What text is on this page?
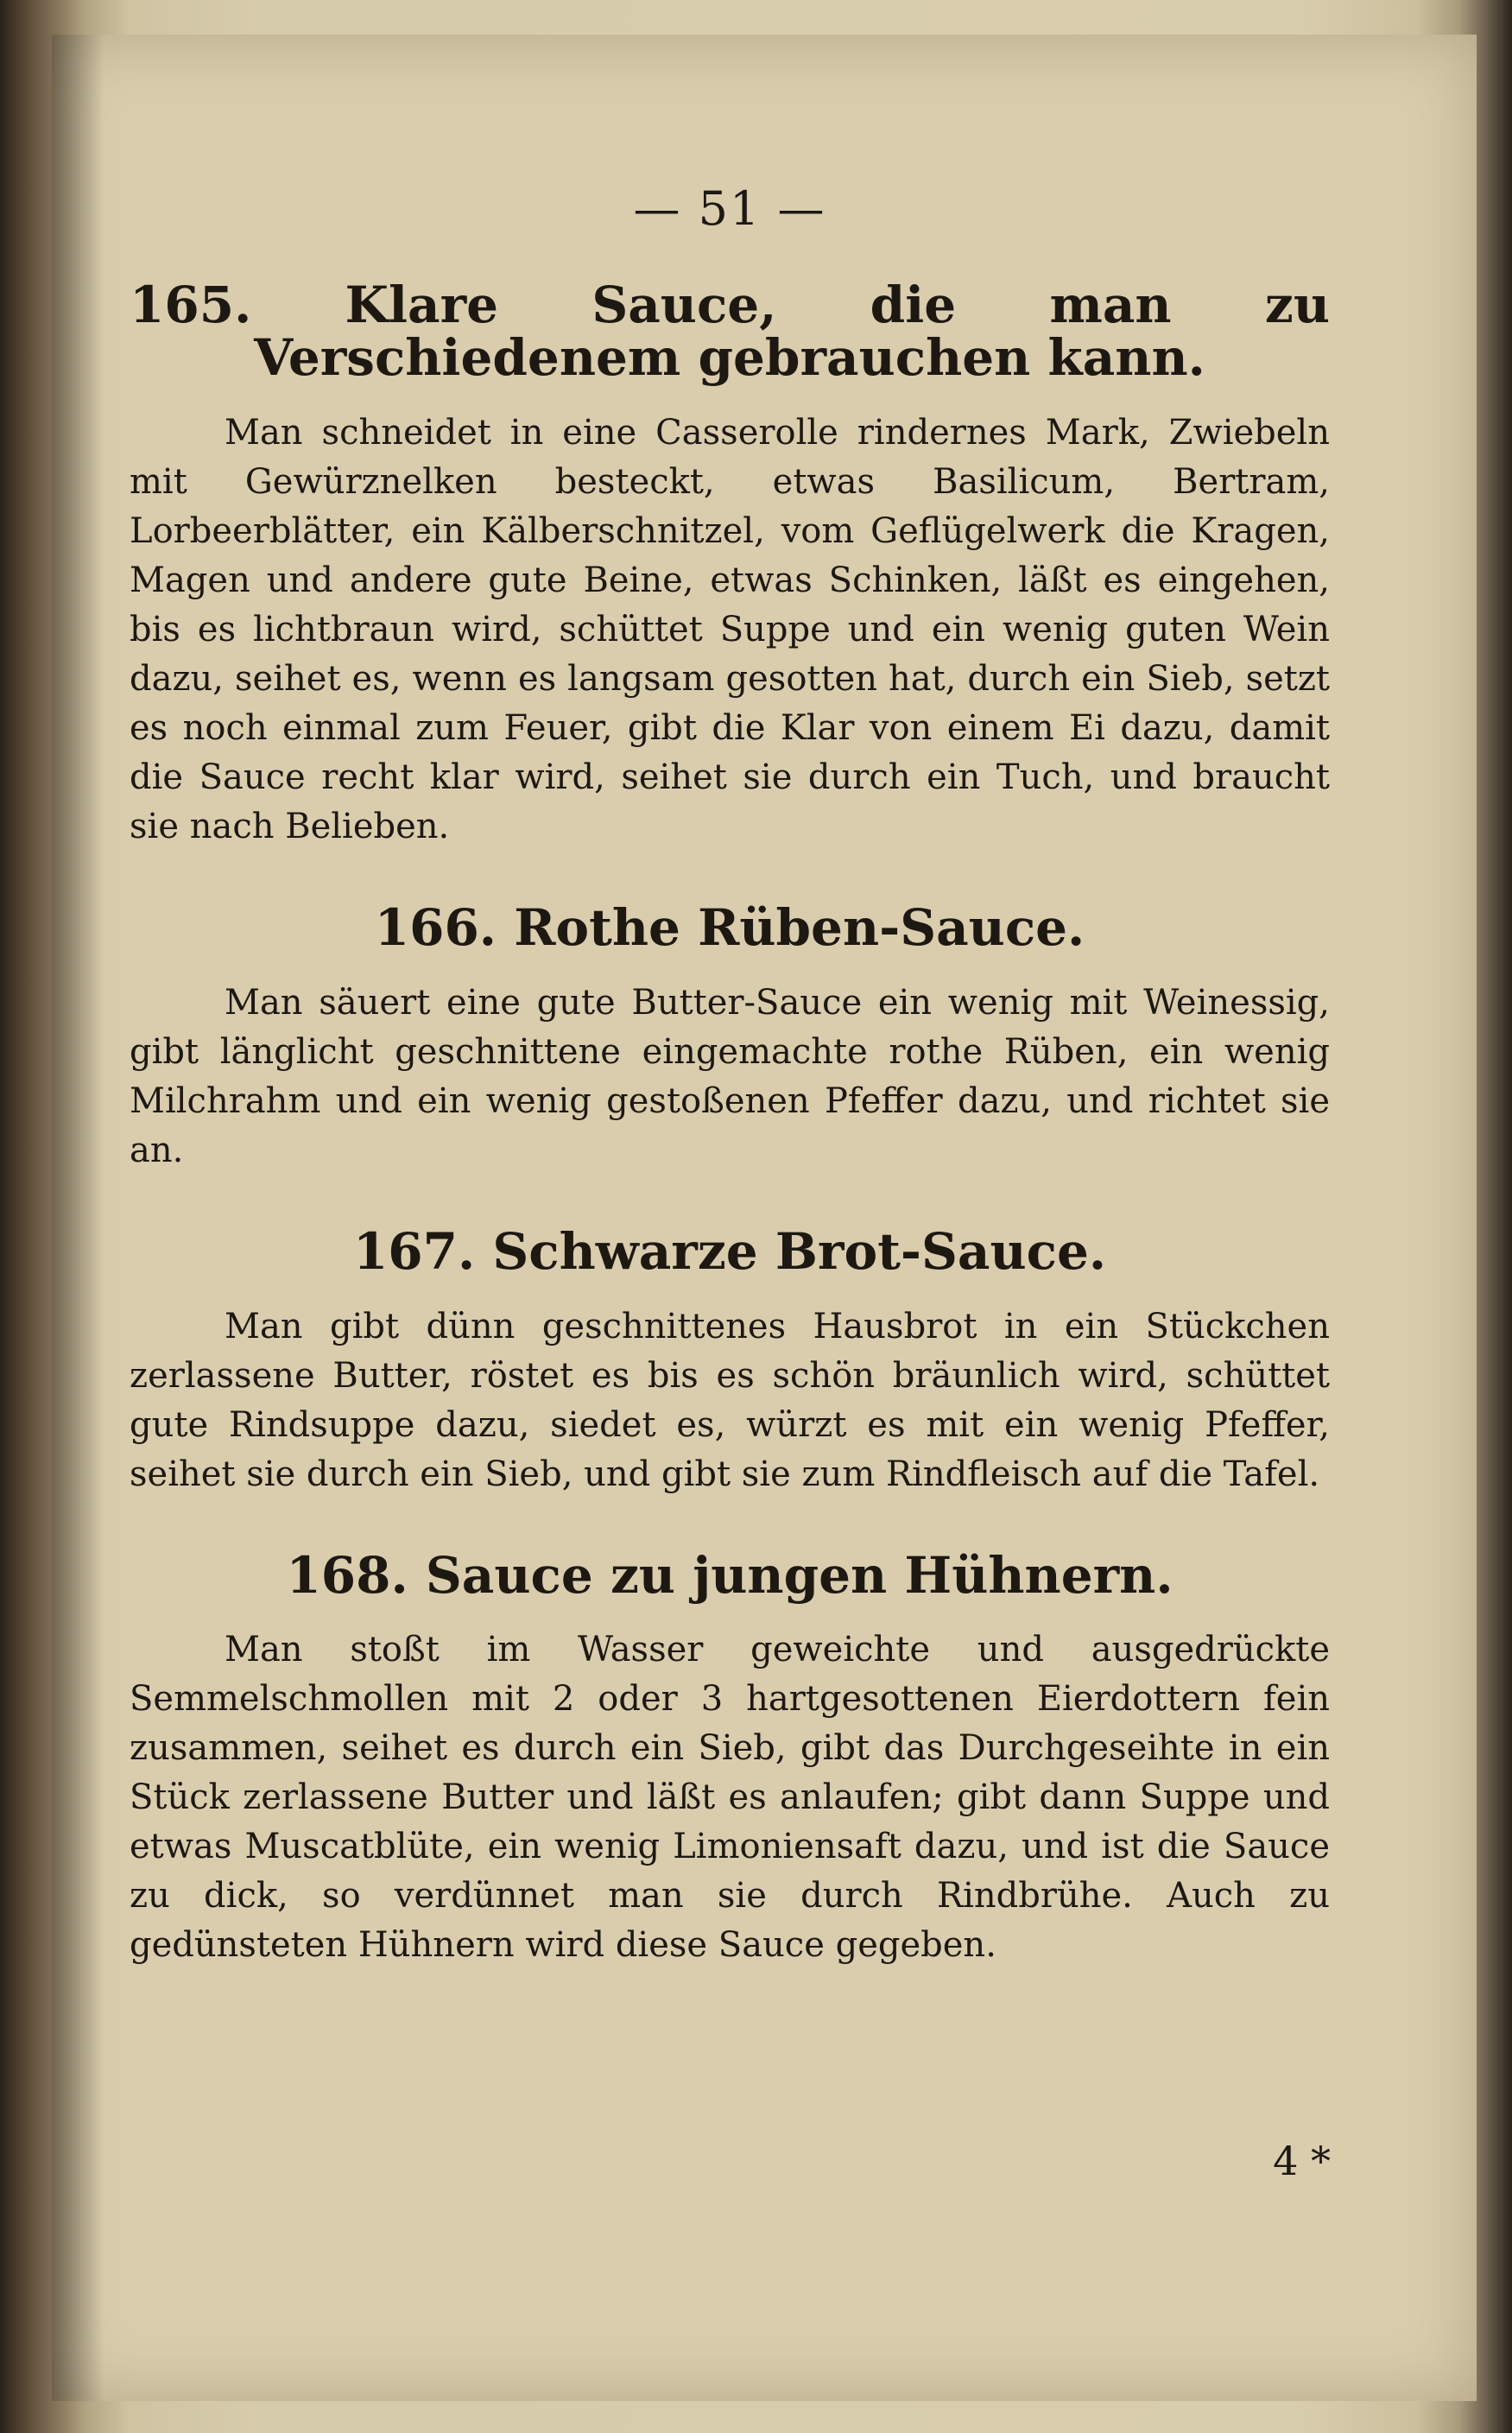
— 51 —
165. Klare Sauce, die man zu Verschiedenem gebrauchen kann.

Man schneidet in eine Casserolle rindernes Mark, Zwiebeln mit Gewürznelken besteckt, etwas Basilicum, Bertram, Lorbeerblätter, ein Kälberschnitzel, vom Geflügelwerk die Kragen, Magen und andere gute Beine, etwas Schinken, läßt es eingehen, bis es lichtbraun wird, schüttet Suppe und ein wenig guten Wein dazu, seihet es, wenn es langsam gesotten hat, durch ein Sieb, setzt es noch einmal zum Feuer, gibt die Klar von einem Ei dazu, damit die Sauce recht klar wird, seihet sie durch ein Tuch, und braucht sie nach Belieben.

166. Rothe Rüben-Sauce.

Man säuert eine gute Butter-Sauce ein wenig mit Weinessig, gibt länglicht geschnittene eingemachte rothe Rüben, ein wenig Milchrahm und ein wenig gestoßenen Pfeffer dazu, und richtet sie an.

167. Schwarze Brot-Sauce.

Man gibt dünn geschnittenes Hausbrot in ein Stückchen zerlassene Butter, röstet es bis es schön bräunlich wird, schüttet gute Rindsuppe dazu, siedet es, würzt es mit ein wenig Pfeffer, seihet sie durch ein Sieb, und gibt sie zum Rindfleisch auf die Tafel.

168. Sauce zu jungen Hühnern.

Man stoßt im Wasser geweichte und ausgedrückte Semmelschmollen mit 2 oder 3 hartgesottenen Eierdottern fein zusammen, seihet es durch ein Sieb, gibt das Durchgeseihte in ein Stück zerlassene Butter und läßt es anlaufen; gibt dann Suppe und etwas Muscatblüte, ein wenig Limoniensaft dazu, und ist die Sauce zu dick, so verdünnet man sie durch Rindbrühe. Auch zu gedünsteten Hühnern wird diese Sauce gegeben.

4 *
